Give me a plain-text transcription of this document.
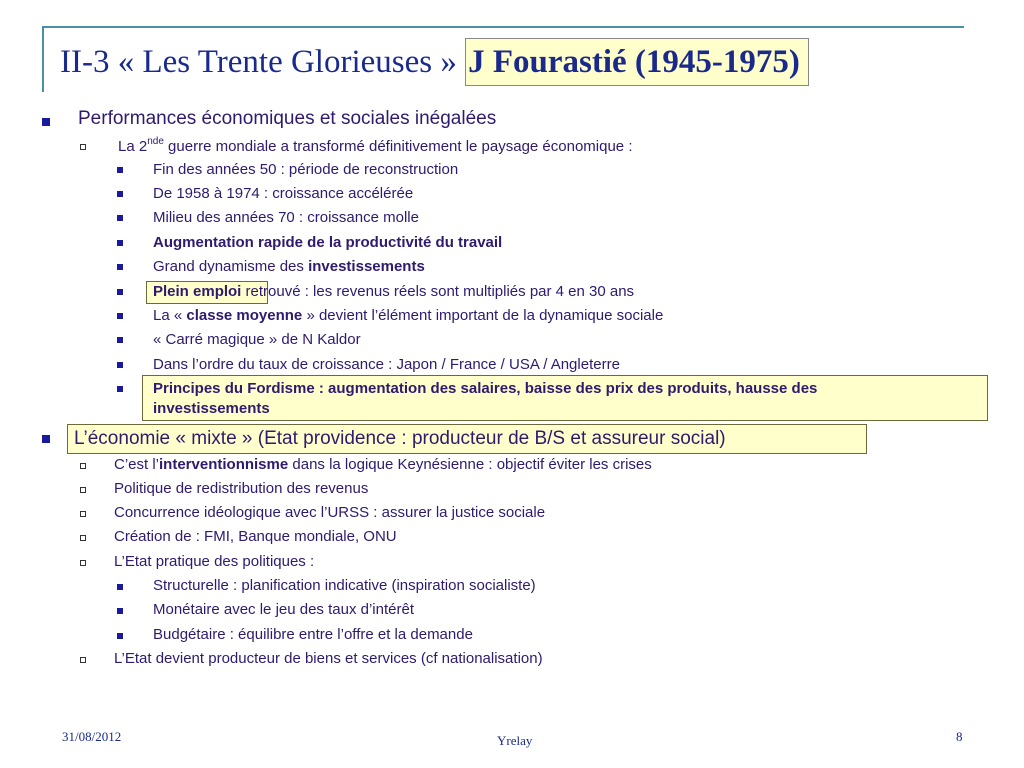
II-3 « Les Trente Glorieuses » J Fourastié (1945-1975)
Performances économiques et sociales inégalées
La 2nde guerre mondiale a transformé définitivement le paysage économique :
Fin des années 50 : période de reconstruction
De 1958 à 1974 : croissance accélérée
Milieu des années 70 : croissance molle
Augmentation rapide de la productivité du travail
Grand dynamisme des investissements
Plein emploi retrouvé : les revenus réels sont multipliés par 4 en 30 ans
La « classe moyenne » devient l’élément important de la dynamique sociale
« Carré magique » de N Kaldor
Dans l’ordre du taux de croissance : Japon / France / USA / Angleterre
Principes du Fordisme : augmentation des salaires, baisse des prix des produits, hausse des
investissements
L’économie « mixte » (Etat providence : producteur de B/S et assureur social)
C’est l’interventionnisme dans la logique Keynésienne : objectif éviter les crises
Politique de redistribution des revenus
Concurrence idéologique avec l’URSS : assurer la justice sociale
Création de : FMI, Banque mondiale, ONU
L’Etat pratique des politiques :
Structurelle : planification indicative (inspiration socialiste)
Monétaire avec le jeu des taux d’intérêt
Budgétaire : équilibre entre l’offre et la demande
L’Etat devient producteur de biens et services (cf nationalisation)
31/08/2012	Yrelay	8
